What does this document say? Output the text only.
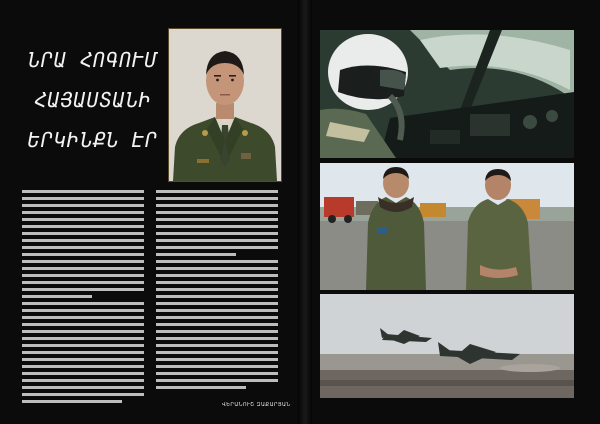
ՆՐԱ ՀՈԳՈՒՄ
ՀԱՅԱՍՏԱՆԻ
ԵՐԿԻՆՔՆ ԷՐ
ՎԵՐԱՆՈՒՇ ԶԱՔԱՐՅԱՆ
